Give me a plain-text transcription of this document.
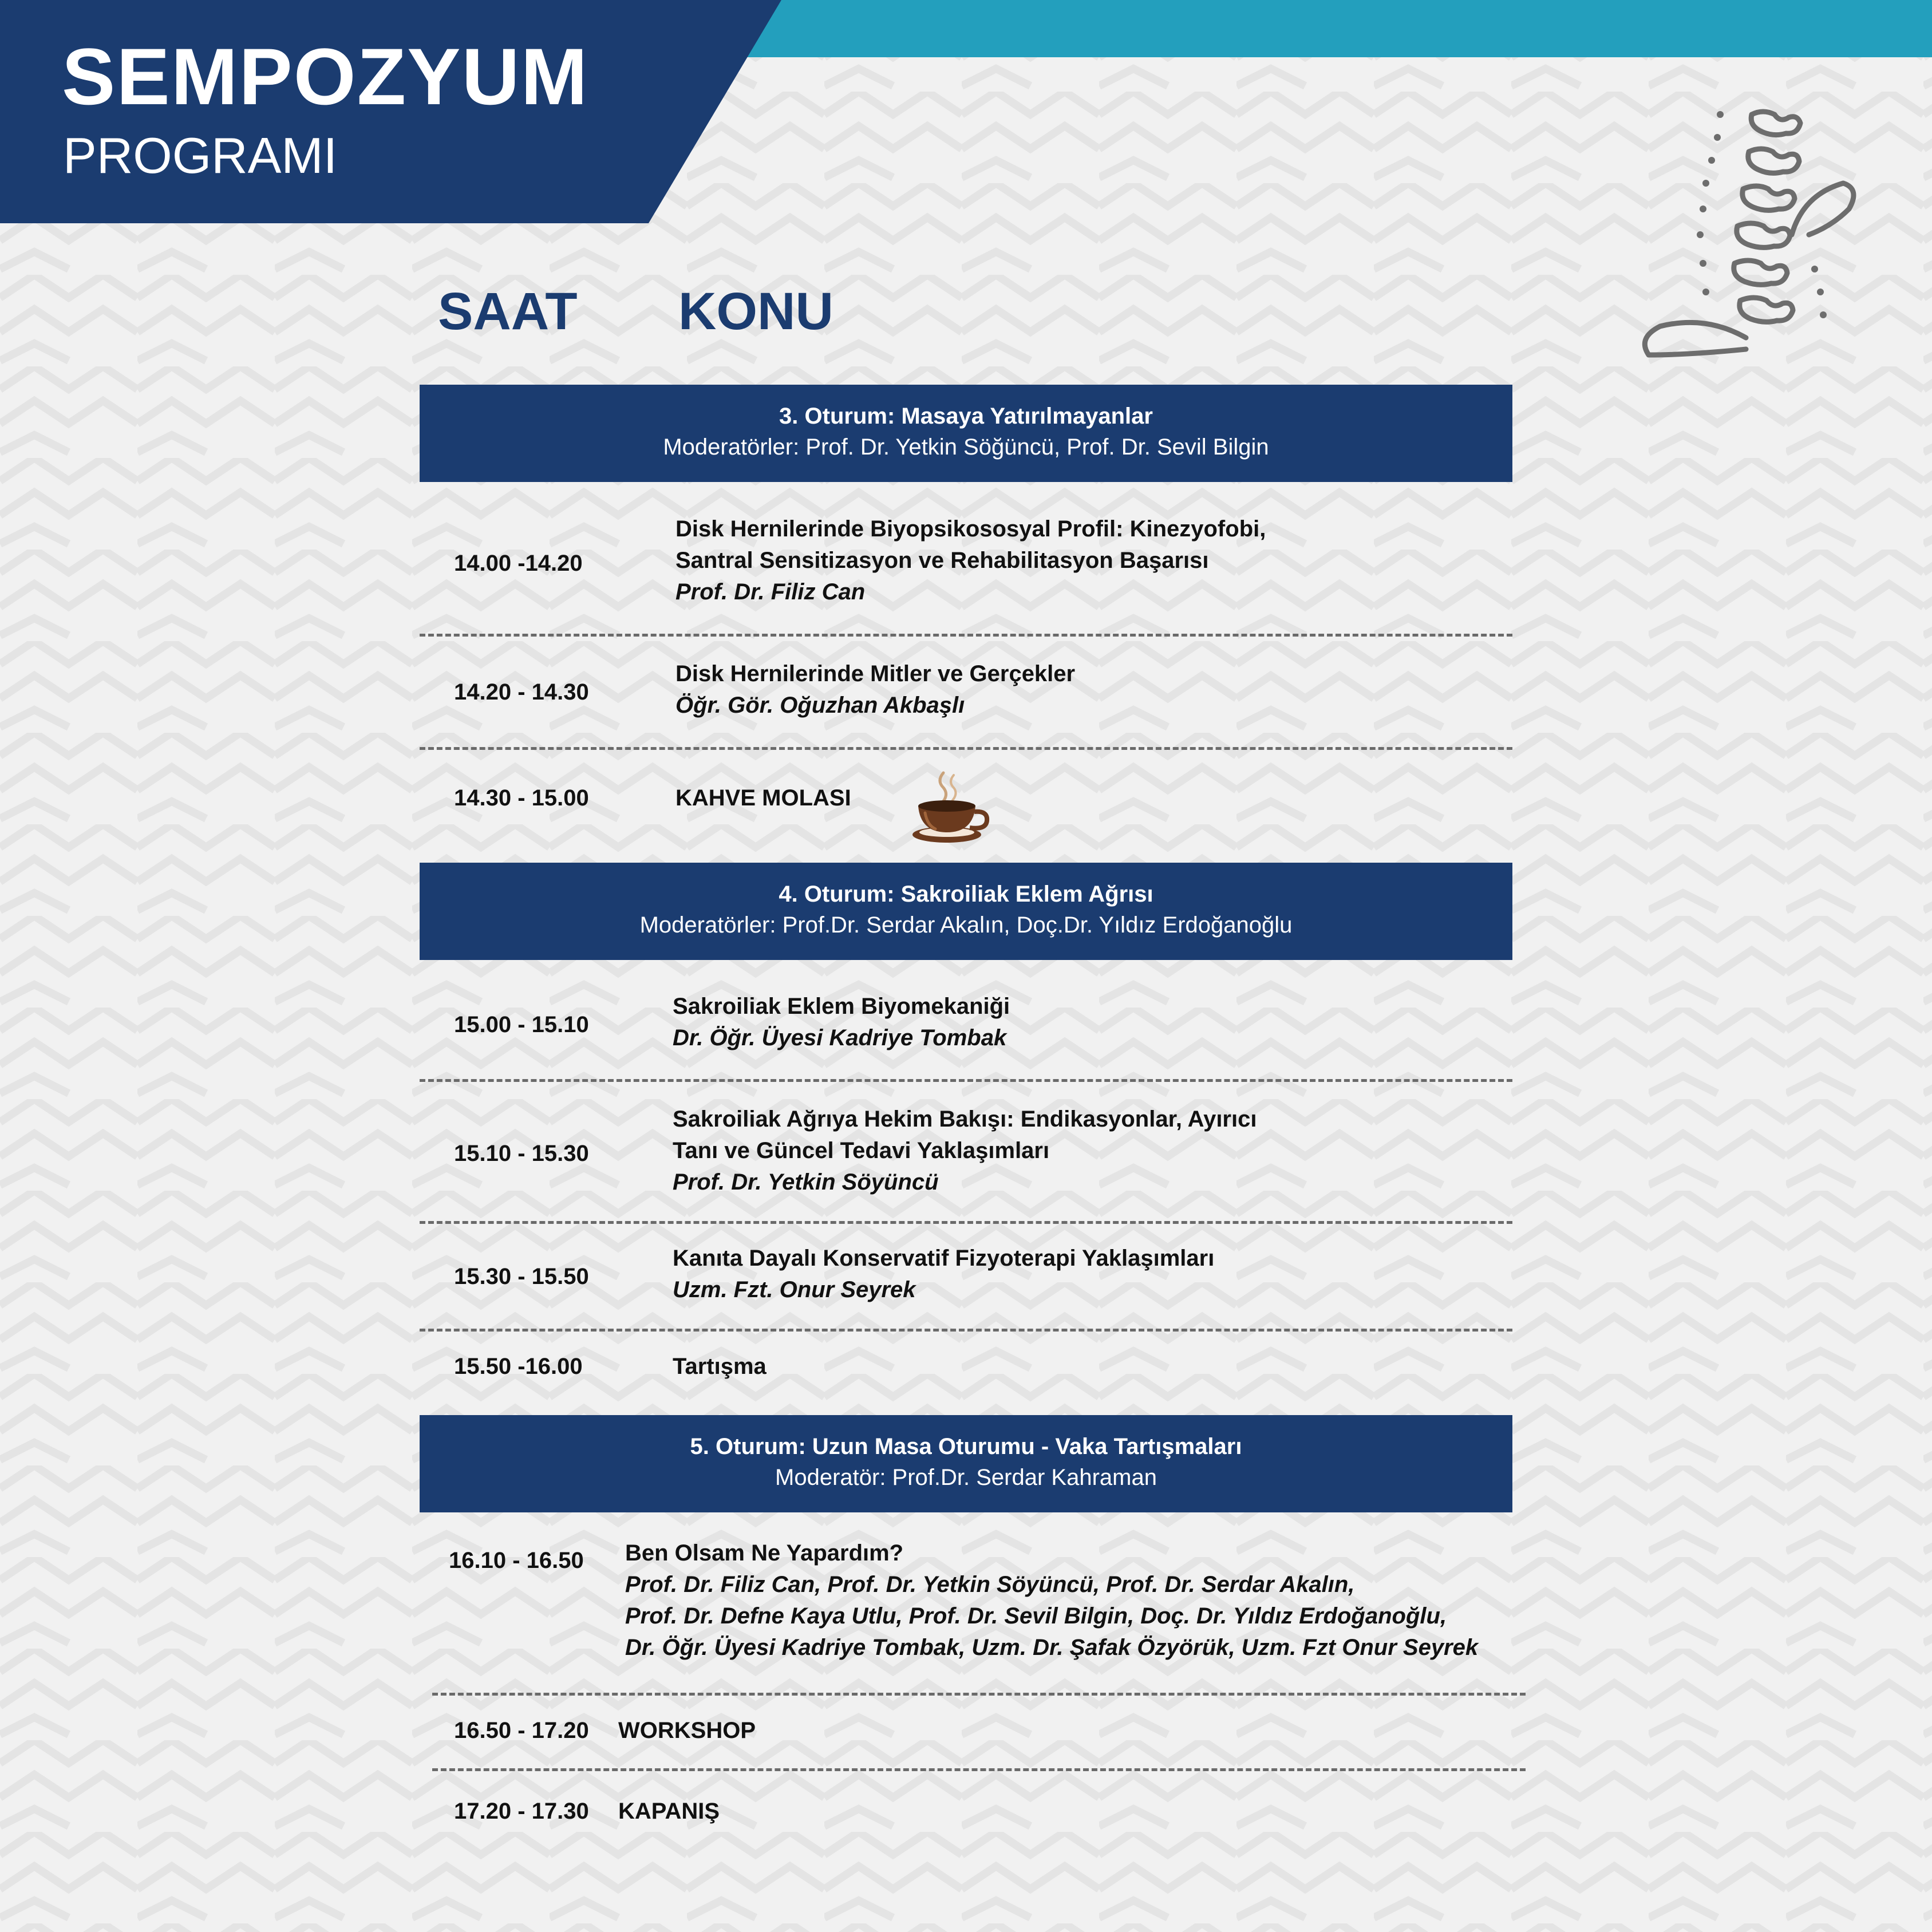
SEMPOZYUM
PROGRAMI
SAAT KONU
3. Oturum: Masaya Yatırılmayanlar
Moderatörler: Prof. Dr. Yetkin Söğüncü, Prof. Dr. Sevil Bilgin
14.00 -14.20
Disk Hernilerinde Biyopsikososyal Profil: Kinezyofobi,
Santral Sensitizasyon ve Rehabilitasyon Başarısı
Prof. Dr. Filiz Can
14.20 - 14.30
Disk Hernilerinde Mitler ve Gerçekler
Öğr. Gör. Oğuzhan Akbaşlı
14.30 - 15.00	KAHVE MOLASI
4. Oturum: Sakroiliak Eklem Ağrısı
Moderatörler: Prof.Dr. Serdar Akalın, Doç.Dr. Yıldız Erdoğanoğlu
15.00 - 15.10
Sakroiliak Eklem Biyomekaniği
Dr. Öğr. Üyesi Kadriye Tombak
15.10 - 15.30
Sakroiliak Ağrıya Hekim Bakışı: Endikasyonlar, Ayırıcı
Tanı ve Güncel Tedavi Yaklaşımları
Prof. Dr. Yetkin Söyüncü
15.30 - 15.50
Kanıta Dayalı Konservatif Fizyoterapi Yaklaşımları
Uzm. Fzt. Onur Seyrek
15.50 -16.00	Tartışma
5. Oturum: Uzun Masa Oturumu - Vaka Tartışmaları
Moderatör: Prof.Dr. Serdar Kahraman
16.10 - 16.50 Ben Olsam Ne Yapardım?
Prof. Dr. Filiz Can, Prof. Dr. Yetkin Söyüncü, Prof. Dr. Serdar Akalın,
Prof. Dr. Defne Kaya Utlu, Prof. Dr. Sevil Bilgin, Doç. Dr. Yıldız Erdoğanoğlu,
Dr. Öğr. Üyesi Kadriye Tombak, Uzm. Dr. Şafak Özyörük, Uzm. Fzt Onur Seyrek
16.50 - 17.20 WORKSHOP
17.20 - 17.30 KAPANIŞ
